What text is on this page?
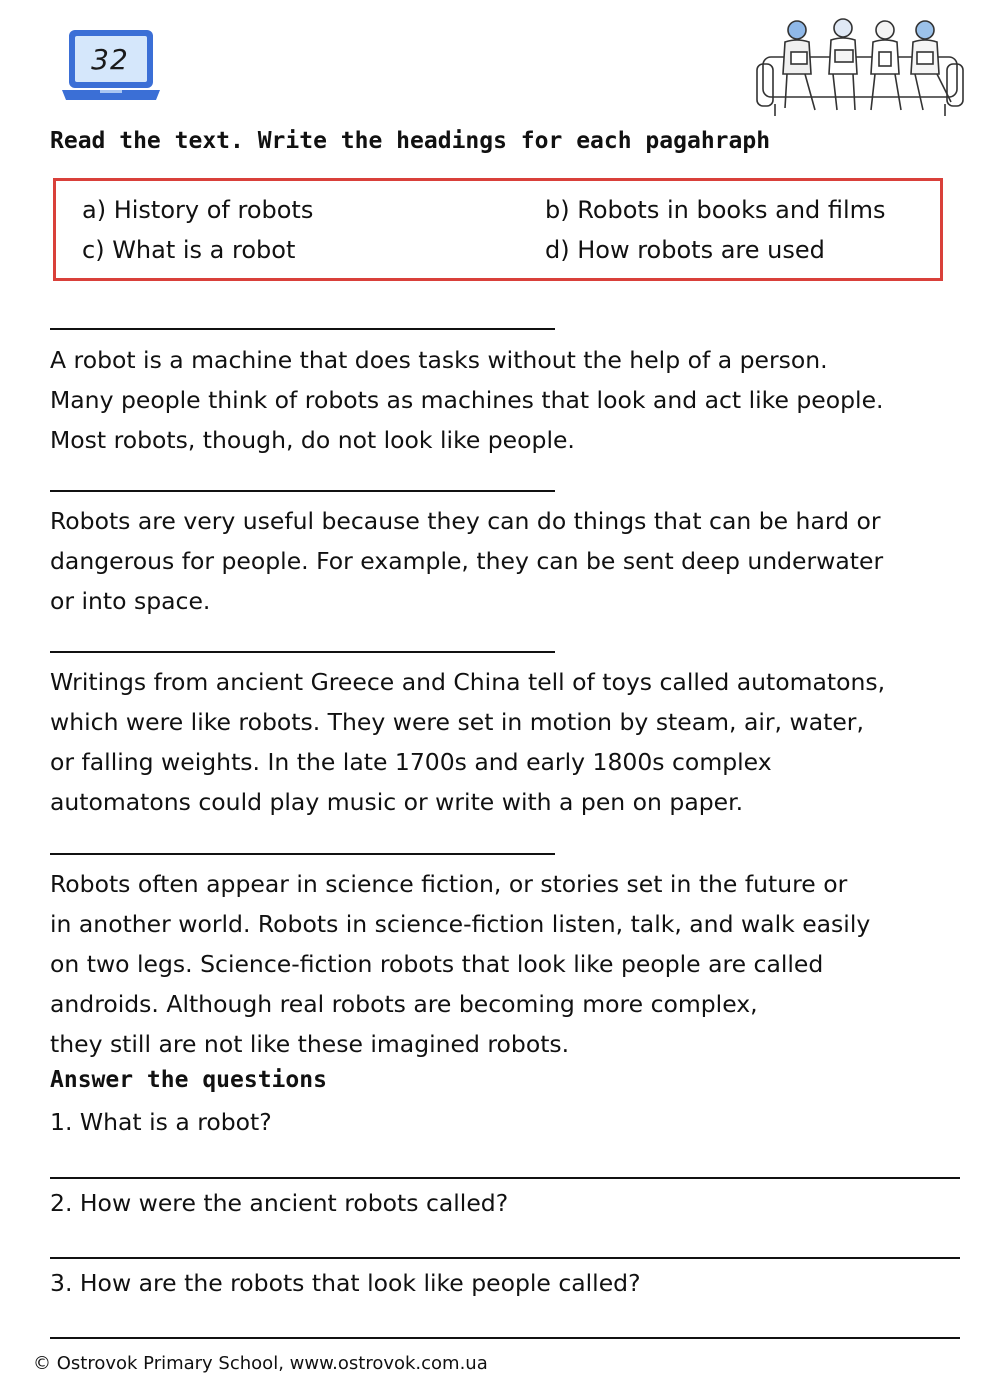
32
Read the text. Write the headings for each pagahraph
a) History of robots	b) Robots in books and films
c) What is a robot	d) How robots are used
A robot is a machine that does tasks without the help of a person.
Many people think of robots as machines that look and act like people.
Most robots, though, do not look like people.
Robots are very useful because they can do things that can be hard or
dangerous for people. For example, they can be sent deep underwater
or into space.
Writings from ancient Greece and China tell of toys called automatons,
which were like robots. They were set in motion by steam, air, water,
or falling weights. In the late 1700s and early 1800s complex
automatons could play music or write with a pen on paper.
Robots often appear in science fiction, or stories set in the future or
in another world. Robots in science-fiction listen, talk, and walk easily
on two legs. Science-fiction robots that look like people are called
androids. Although real robots are becoming more complex,
they still are not like these imagined robots.
Answer the questions
1. What is a robot?
2. How were the ancient robots called?
3. How are the robots that look like people called?
© Ostrovok Primary School, www.ostrovok.com.ua
